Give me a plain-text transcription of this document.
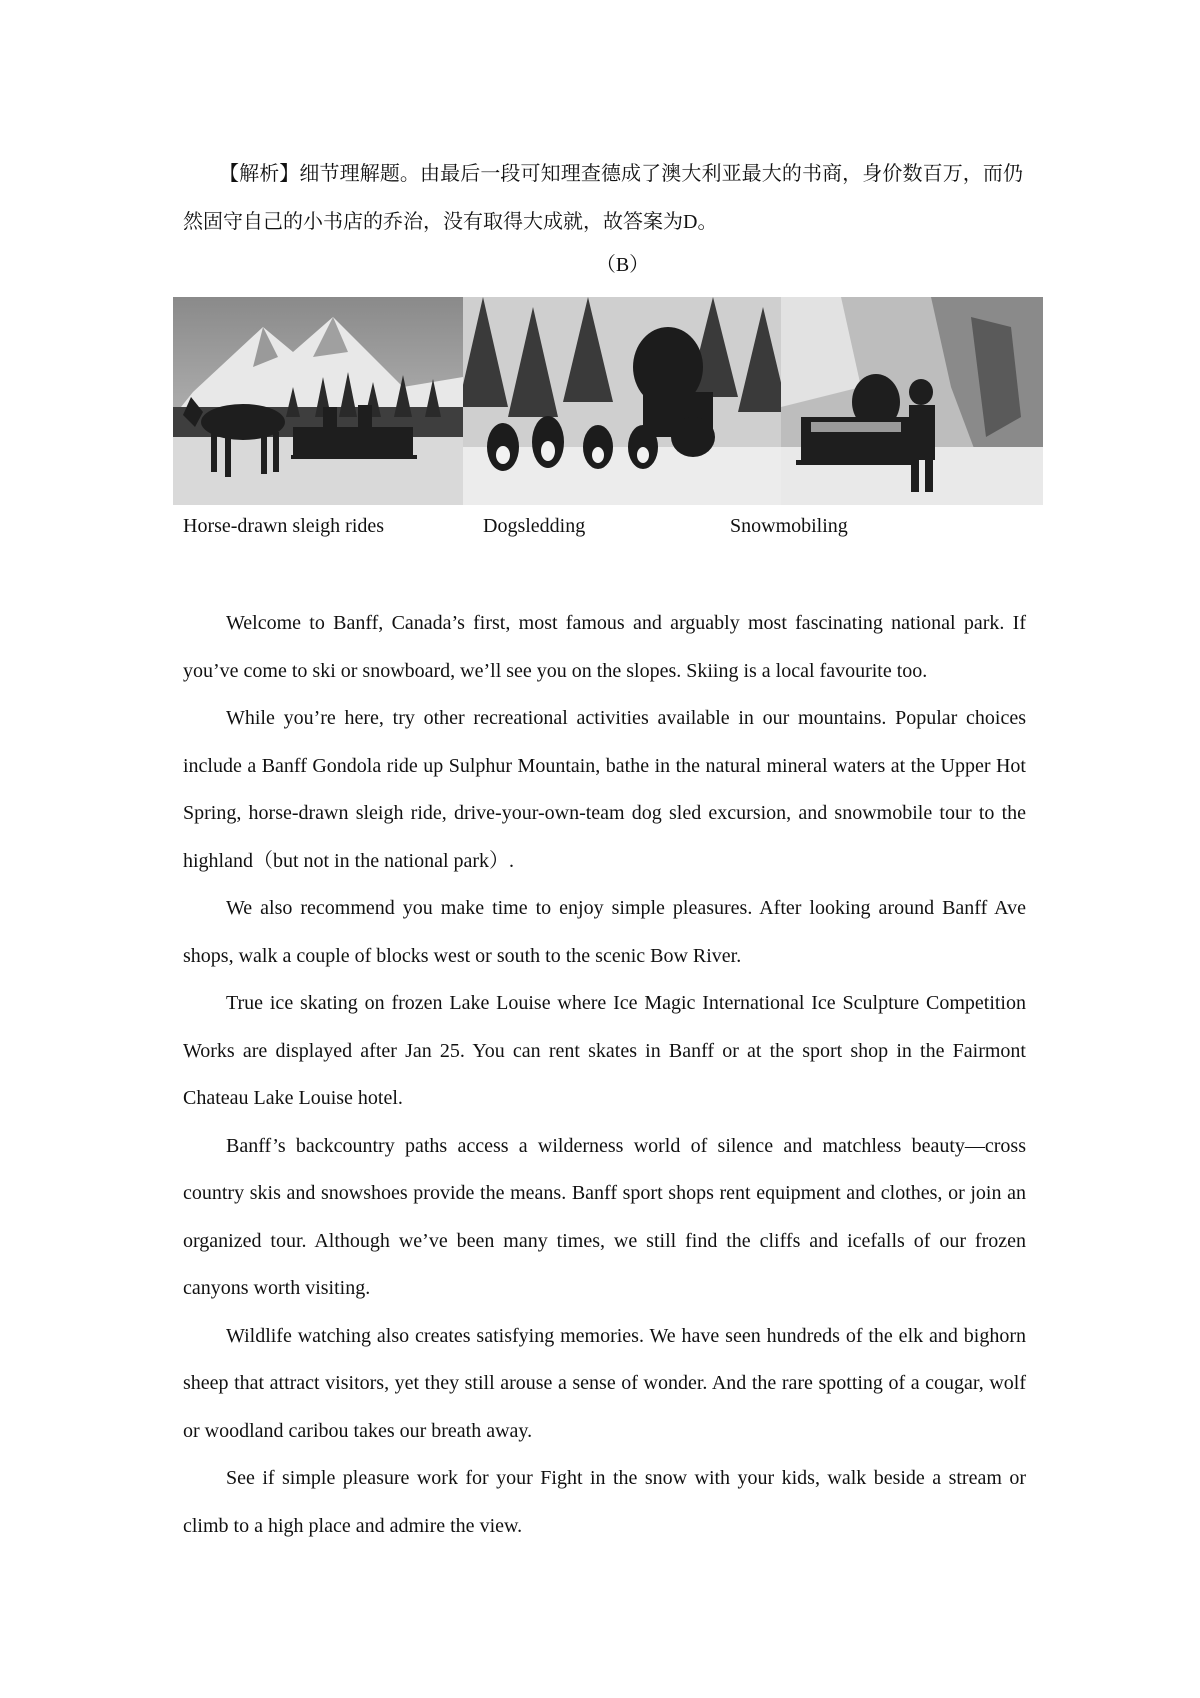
【解析】细节理解题。由最后一段可知理查德成了澳大利亚最大的书商，身价数百万，而仍然固守自己的小书店的乔治，没有取得大成就，故答案为D。
（B）
Horse-drawn sleigh rides	Dogsledding	Snowmobiling

Welcome to Banff, Canada’s first, most famous and arguably most fascinating national park. If you’ve come to ski or snowboard, we’ll see you on the slopes. Skiing is a local favourite too.

While you’re here, try other recreational activities available in our mountains. Popular choices include a Banff Gondola ride up Sulphur Mountain, bathe in the natural mineral waters at the Upper Hot Spring, horse-drawn sleigh ride, drive-your-own-team dog sled excursion, and snowmobile tour to the highland（but not in the national park）.

We also recommend you make time to enjoy simple pleasures. After looking around Banff Ave shops, walk a couple of blocks west or south to the scenic Bow River.

True ice skating on frozen Lake Louise where Ice Magic International Ice Sculpture Competition Works are displayed after Jan 25. You can rent skates in Banff or at the sport shop in the Fairmont Chateau Lake Louise hotel.

Banff’s backcountry paths access a wilderness world of silence and matchless beauty—cross country skis and snowshoes provide the means. Banff sport shops rent equipment and clothes, or join an organized tour. Although we’ve been many times, we still find the cliffs and icefalls of our frozen canyons worth visiting.

Wildlife watching also creates satisfying memories. We have seen hundreds of the elk and bighorn sheep that attract visitors, yet they still arouse a sense of wonder. And the rare spotting of a cougar, wolf or woodland caribou takes our breath away.

See if simple pleasure work for your Fight in the snow with your kids, walk beside a stream or climb to a high place and admire the view.
